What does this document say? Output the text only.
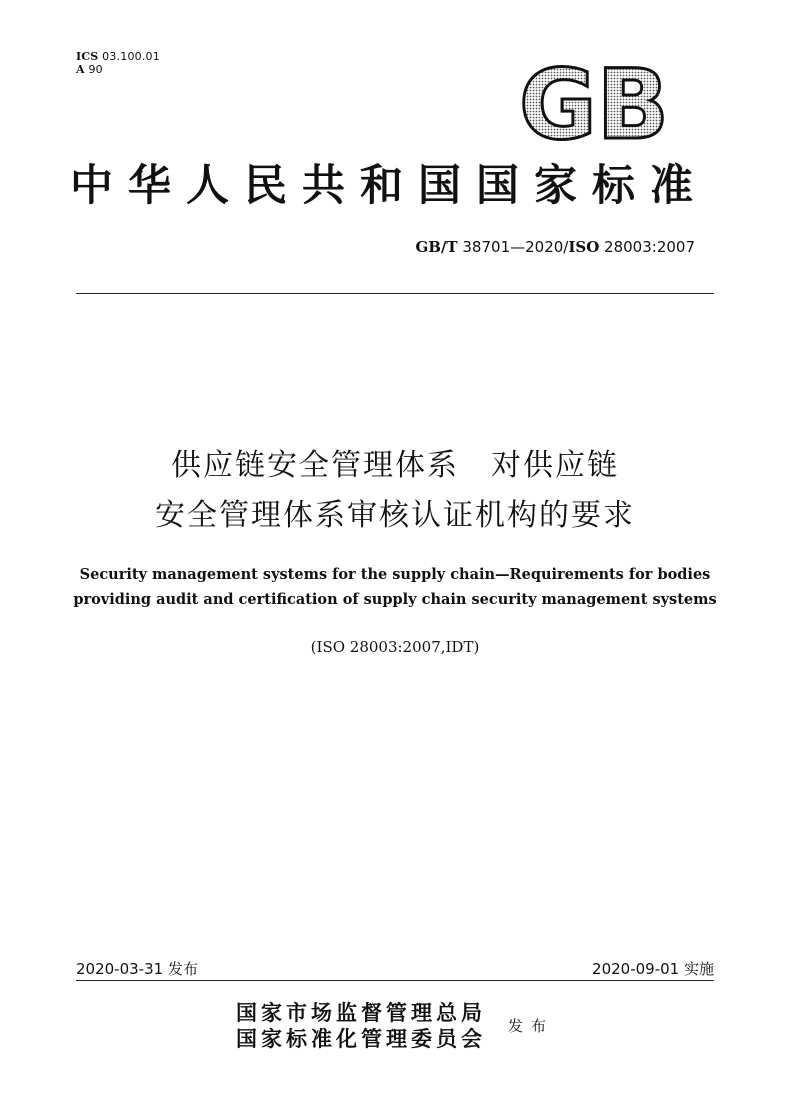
ICS 03.100.01
A 90	GB
中华人民共和国国家标准
GB/T 38701—2020/ISO 28003:2007
供应链安全管理体系　对供应链
安全管理体系审核认证机构的要求
Security management systems for the supply chain—Requirements for bodies
providing audit and certification of supply chain security management systems
(ISO 28003:2007,IDT)
2020-03-31 发布	2020-09-01 实施
国家市场监督管理总局
国家标准化管理委员会 发布
